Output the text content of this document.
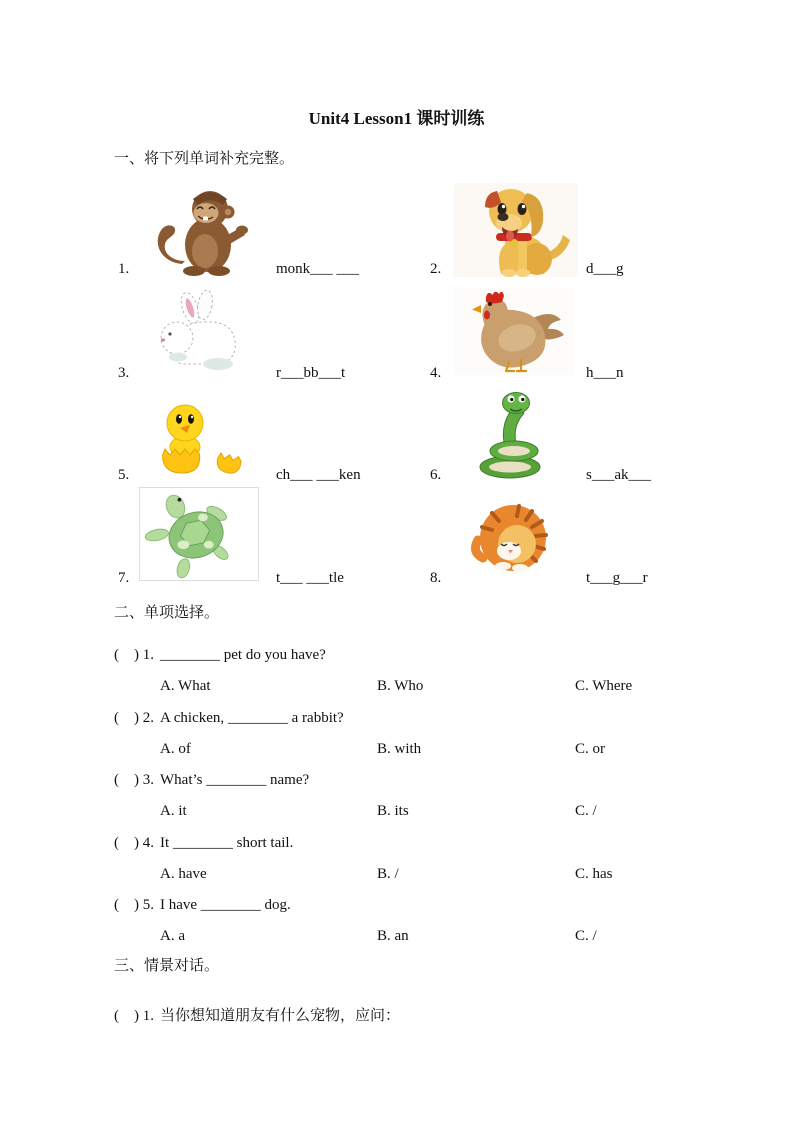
Unit4 Lesson1 课时训练
一、将下列单词补充完整。
1.	monk___ ___	2.	d___g
3.	r___bb___t	4.	h___n
5.	ch___ ___ken	6.	s___ak___
7.	t___ ___tle	8.	t___g___r
二、单项选择。
(　) 1. ________ pet do you have?
A. What	B. Who	C. Where
(　) 2. A chicken, ________ a rabbit?
A. of	B. with	C. or
(　) 3. What’s ________ name?
A. it	B. its	C. /
(　) 4. It ________ short tail.
A. have	B. /	C. has
(　) 5. I have ________ dog.
A. a	B. an	C. /
三、情景对话。
(　) 1. 当你想知道朋友有什么宠物，应问：
